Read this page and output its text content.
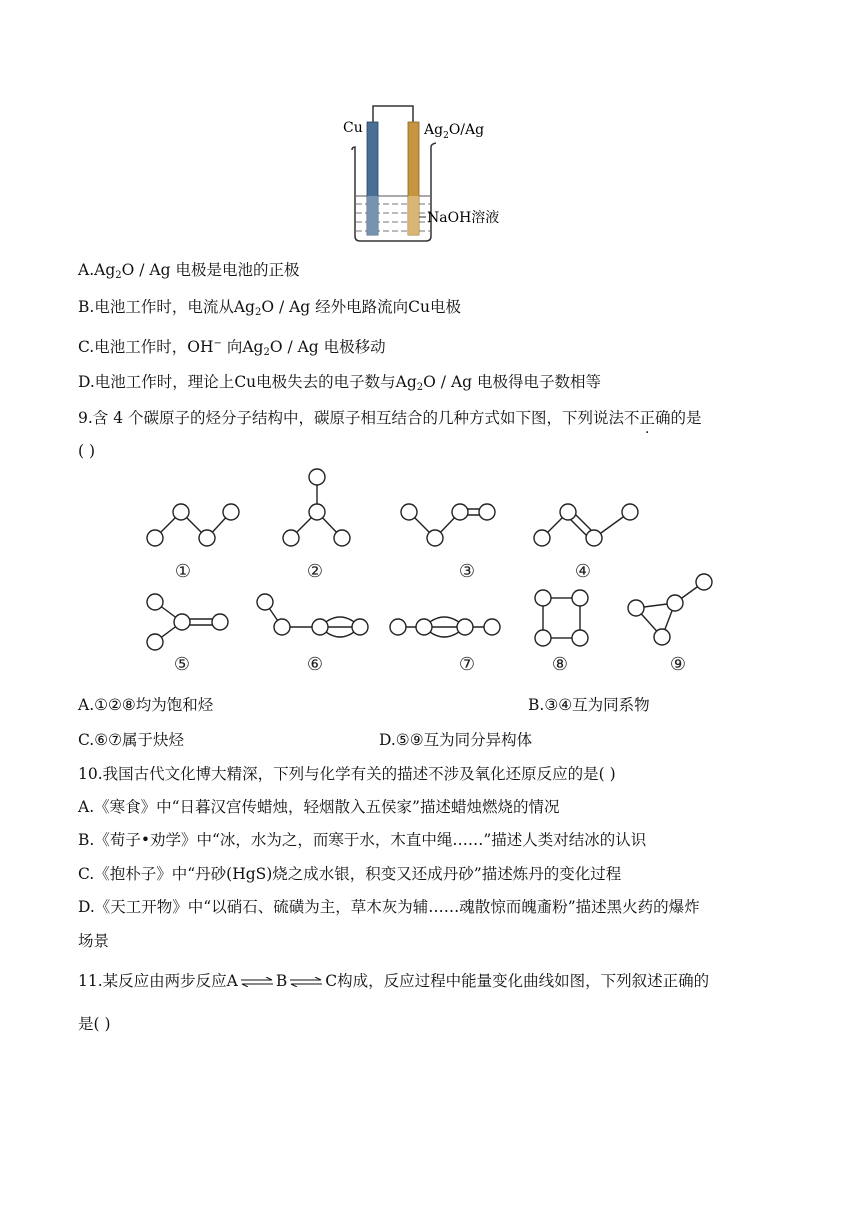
Cu	$Ag_2O/Ag$
NaOH溶液
$A.Ag_2O$ / Ag 电极是电池的正极
B.电池工作时，电流从$Ag_2O$ / Ag 经外电路流向Cu电极
C.电池工作时，OH− 向$Ag_2O$ / Ag 电极移动
D.电池工作时，理论上Cu电极失去的电子数与$Ag_2O$ / Ag 电极得电子数相等
9.含 4 个碳原子的烃分子结构中，碳原子相互结合的几种方式如下图，下列说法不正确的是
( )
①	②	③	④
⑤	⑥	⑦	⑧	⑨
A.①②⑧均为饱和烃	B.③④互为同系物
C.⑥⑦属于炔烃	D.⑤⑨互为同分异构体
10.我国古代文化博大精深，下列与化学有关的描述不涉及氧化还原反应的是( )
A.《寒食》中“日暮汉宫传蜡烛，轻烟散入五侯家”描述蜡烛燃烧的情况
B.《荀子•劝学》中“冰，水为之，而寒于水，木直中绳……”描述人类对结冰的认识
C.《抱朴子》中“丹砂(HgS)烧之成水银，积变又还成丹砂”描述炼丹的变化过程
D.《天工开物》中“以硝石、硫磺为主，草木灰为辅……魂散惊而魄齑粉”描述黑火药的爆炸
场景
11.某反应由两步反应A ⇌ B ⇌ C构成，反应过程中能量变化曲线如图，下列叙述正确的
是( )
